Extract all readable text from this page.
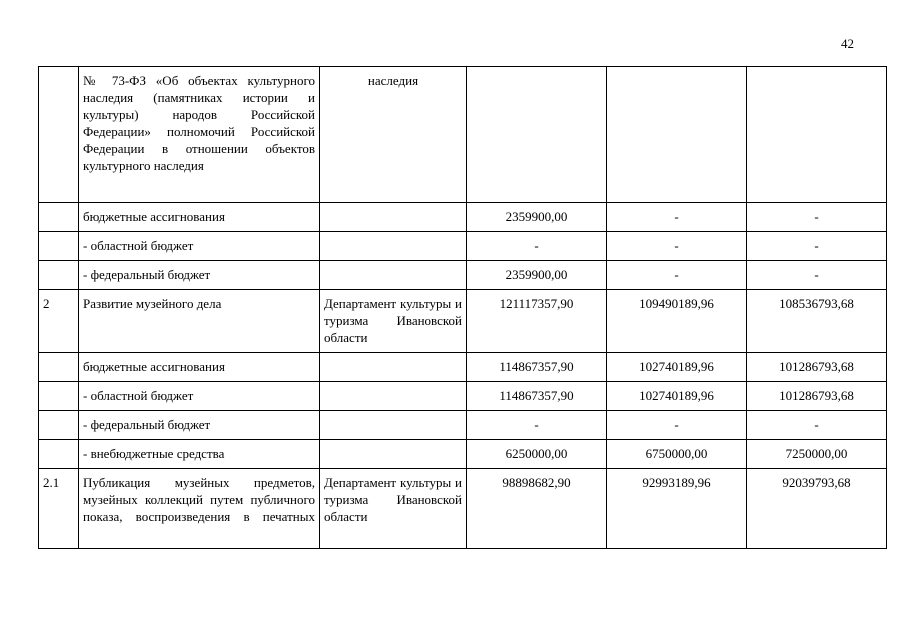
42
	№ 73-ФЗ «Об объектах культурного наследия (памятниках истории и культуры) народов Российской Федерации» полномочий Российской Федерации в отношении объектов культурного наследия	наследия			
	бюджетные ассигнования		2359900,00	-	-
	- областной бюджет		-	-	-
	- федеральный бюджет		2359900,00	-	-
2	Развитие музейного дела	Департамент культуры и туризма Ивановской области	121117357,90	109490189,96	108536793,68
	бюджетные ассигнования		114867357,90	102740189,96	101286793,68
	- областной бюджет		114867357,90	102740189,96	101286793,68
	- федеральный бюджет		-	-	-
	- внебюджетные средства		6250000,00	6750000,00	7250000,00
2.1	Публикация музейных предметов, музейных коллекций путем публичного показа, воспроизведения в печатных	Департамент культуры и туризма Ивановской области	98898682,90	92993189,96	92039793,68
